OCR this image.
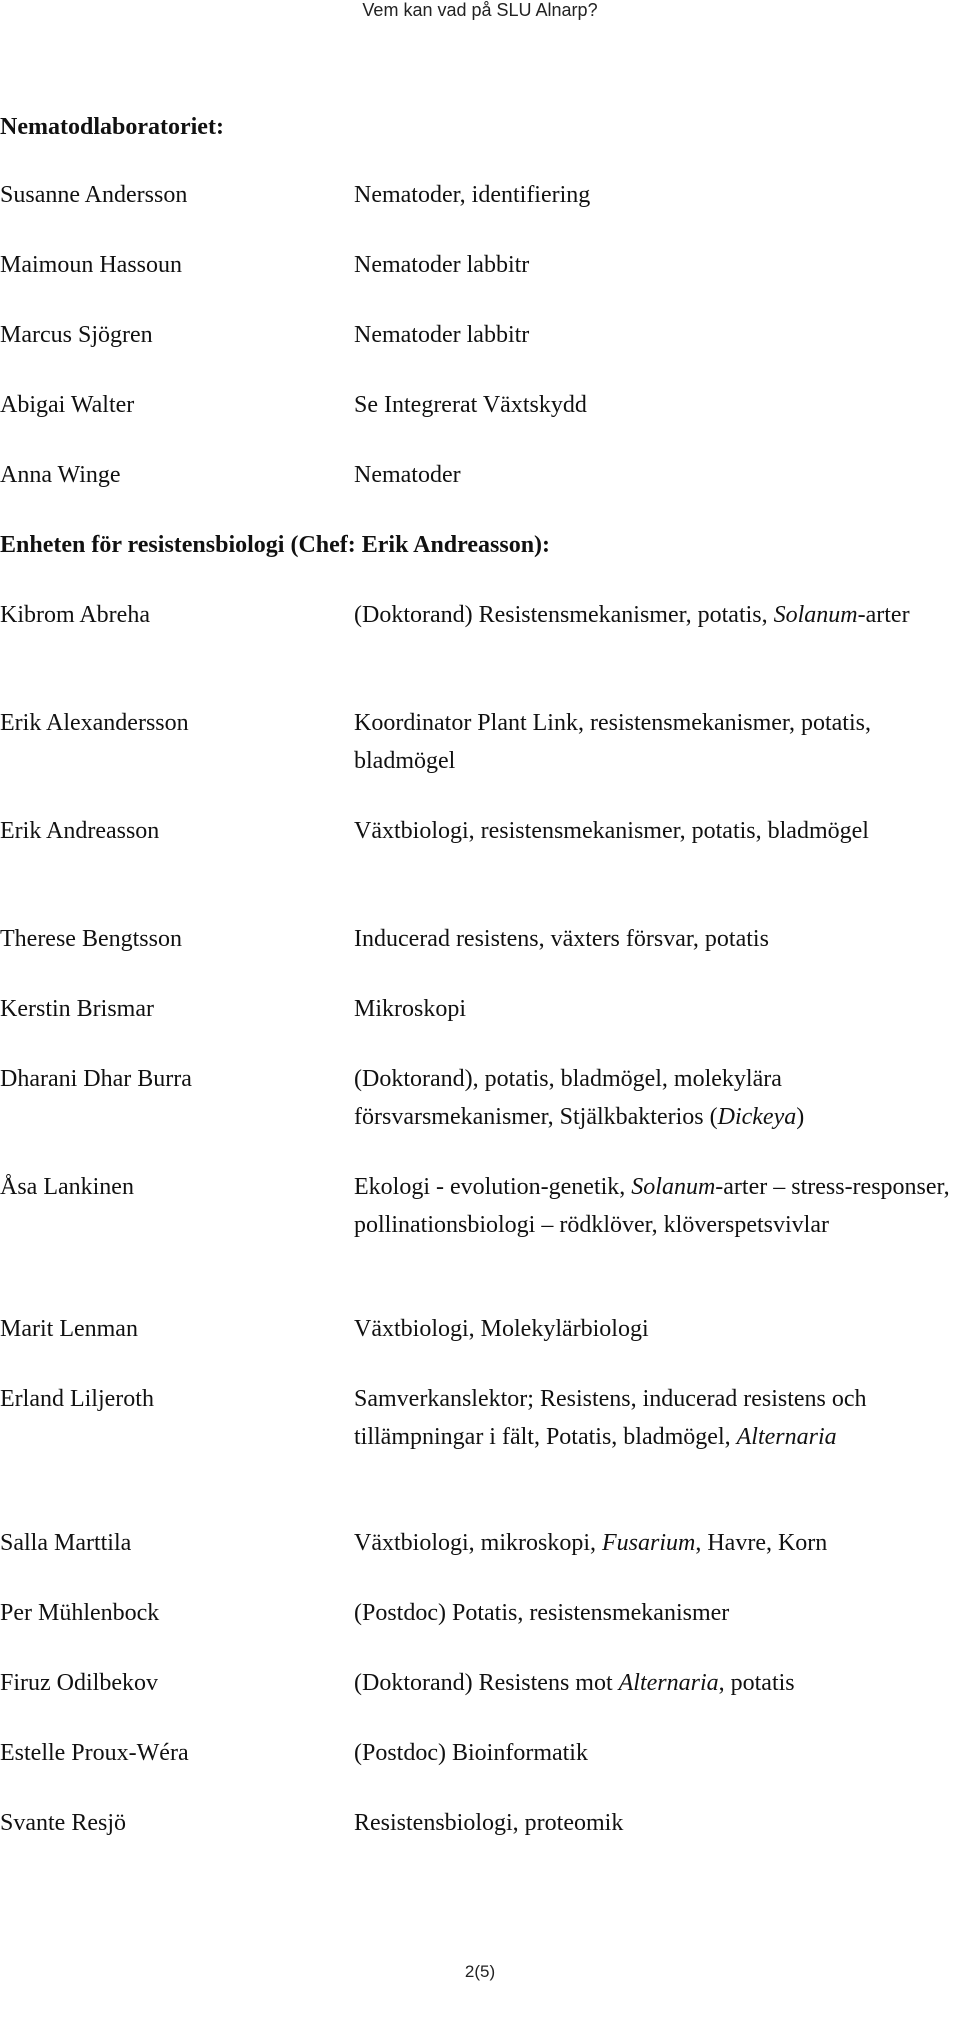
Vem kan vad på SLU Alnarp?
Nematodlaboratoriet:
Susanne Andersson	Nematoder, identifiering
Maimoun Hassoun	Nematoder labbitr
Marcus Sjögren	Nematoder labbitr
Abigai Walter	Se Integrerat Växtskydd
Anna Winge	Nematoder
Enheten för resistensbiologi (Chef: Erik Andreasson):
Kibrom Abreha	(Doktorand) Resistensmekanismer, potatis, Solanum-arter
Erik Alexandersson	Koordinator Plant Link, resistensmekanismer, potatis, bladmögel
Erik Andreasson	Växtbiologi, resistensmekanismer, potatis, bladmögel
Therese Bengtsson	Inducerad resistens, växters försvar, potatis
Kerstin Brismar	Mikroskopi
Dharani Dhar Burra	(Doktorand), potatis, bladmögel, molekylära försvarsmekanismer, Stjälkbakterios (Dickeya)
Åsa Lankinen	Ekologi - evolution-genetik, Solanum-arter – stress-responser, pollinationsbiologi – rödklöver, klöverspetsvivlar
Marit Lenman	Växtbiologi, Molekylärbiologi
Erland Liljeroth	Samverkanslektor; Resistens, inducerad resistens och tillämpningar i fält, Potatis, bladmögel, Alternaria
Salla Marttila	Växtbiologi, mikroskopi, Fusarium, Havre, Korn
Per Mühlenbock	(Postdoc) Potatis, resistensmekanismer
Firuz Odilbekov	(Doktorand) Resistens mot Alternaria, potatis
Estelle Proux-Wéra	(Postdoc) Bioinformatik
Svante Resjö	Resistensbiologi, proteomik
2(5)
